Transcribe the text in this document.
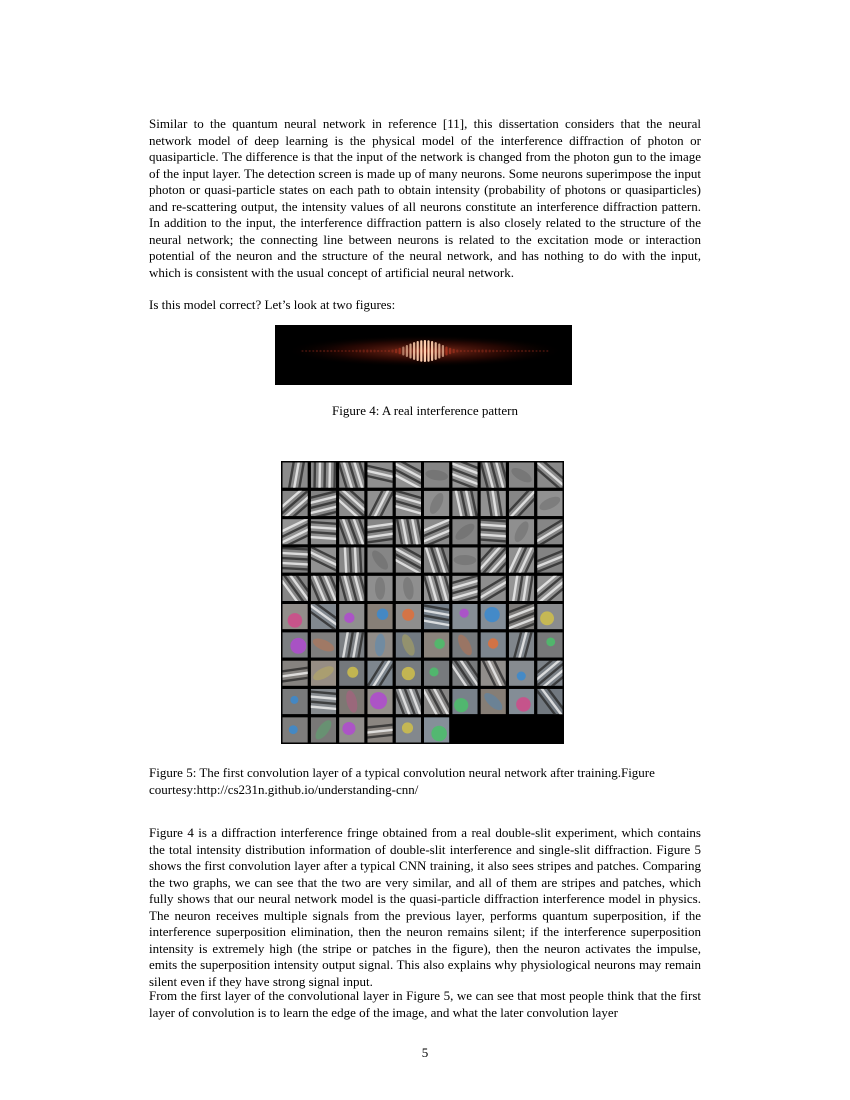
Similar to the quantum neural network in reference [11], this dissertation considers that the neural network model of deep learning is the physical model of the interference diffraction of photon or quasiparticle. The difference is that the input of the network is changed from the photon gun to the image of the input layer. The detection screen is made up of many neurons. Some neurons superimpose the input photon or quasi-particle states on each path to obtain intensity (probability of photons or quasiparticles) and re-scattering output, the intensity values of all neurons constitute an interference diffraction pattern. In addition to the input, the interference diffraction pattern is also closely related to the structure of the neural network; the connecting line between neurons is related to the excitation mode or interaction potential of the neuron and the structure of the neural network, and has nothing to do with the input, which is consistent with the usual concept of artificial neural network.

Is this model correct? Let’s look at two figures:

Figure 4: A real interference pattern

Figure 5: The first convolution layer of a typical convolution neural network after training.Figure courtesy:http://cs231n.github.io/understanding-cnn/

Figure 4 is a diffraction interference fringe obtained from a real double-slit experiment, which contains the total intensity distribution information of double-slit interference and single-slit diffraction. Figure 5 shows the first convolution layer after a typical CNN training, it also sees stripes and patches. Comparing the two graphs, we can see that the two are very similar, and all of them are stripes and patches, which fully shows that our neural network model is the quasi-particle diffraction interference model in physics. The neuron receives multiple signals from the previous layer, performs quantum superposition, if the interference superposition elimination, then the neuron remains silent; if the interference superposition intensity is extremely high (the stripe or patches in the figure), then the neuron activates the impulse, emits the superposition intensity output signal. This also explains why physiological neurons may remain silent even if they have strong signal input.

From the first layer of the convolutional layer in Figure 5, we can see that most people think that the first layer of convolution is to learn the edge of the image, and what the later convolution layer

5
